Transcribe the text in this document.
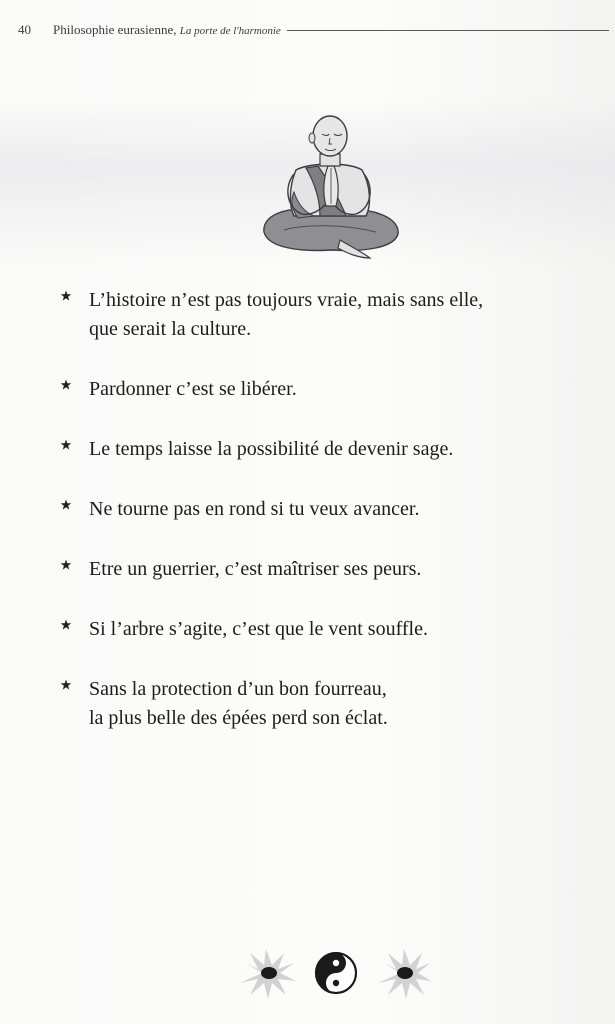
40 Philosophie eurasienne, La porte de l'harmonie
L’histoire n’est pas toujours vraie, mais sans elle,
que serait la culture.
Pardonner c’est se libérer.
Le temps laisse la possibilité de devenir sage.
Ne tourne pas en rond si tu veux avancer.
Etre un guerrier, c’est maîtriser ses peurs.
Si l’arbre s’agite, c’est que le vent souffle.
Sans la protection d’un bon fourreau,
la plus belle des épées perd son éclat.
